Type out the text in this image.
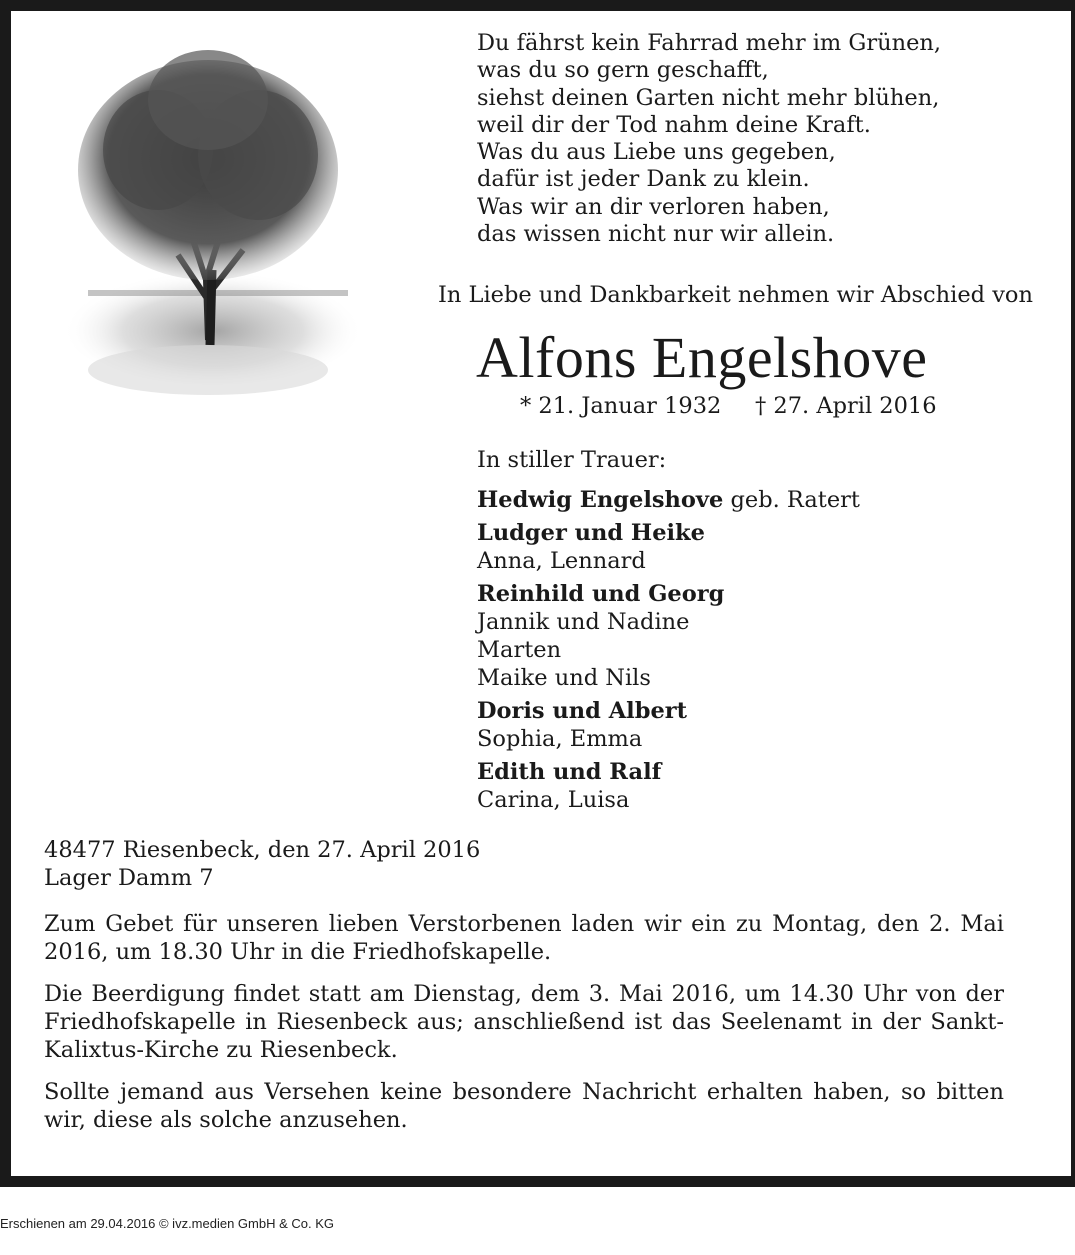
Du fährst kein Fahrrad mehr im Grünen,
was du so gern geschafft,
siehst deinen Garten nicht mehr blühen,
weil dir der Tod nahm deine Kraft.
Was du aus Liebe uns gegeben,
dafür ist jeder Dank zu klein.
Was wir an dir verloren haben,
das wissen nicht nur wir allein.
In Liebe und Dankbarkeit nehmen wir Abschied von
Alfons Engelshove
* 21. Januar 1932 † 27. April 2016
In stiller Trauer:
Hedwig Engelshove geb. Ratert
Ludger und Heike
Anna, Lennard
Reinhild und Georg
Jannik und Nadine
Marten
Maike und Nils
Doris und Albert
Sophia, Emma
Edith und Ralf
Carina, Luisa
48477 Riesenbeck, den 27. April 2016
Lager Damm 7

Zum Gebet für unseren lieben Verstorbenen laden wir ein zu Montag, den 2. Mai 2016, um 18.30 Uhr in die Friedhofskapelle.

Die Beerdigung findet statt am Dienstag, dem 3. Mai 2016, um 14.30 Uhr von der Friedhofskapelle in Riesenbeck aus; anschließend ist das Seelenamt in der Sankt-Kalixtus-Kirche zu Riesenbeck.

Sollte jemand aus Versehen keine besondere Nachricht erhalten haben, so bitten wir, diese als solche anzusehen.

Erschienen am 29.04.2016 © ivz.medien GmbH & Co. KG
